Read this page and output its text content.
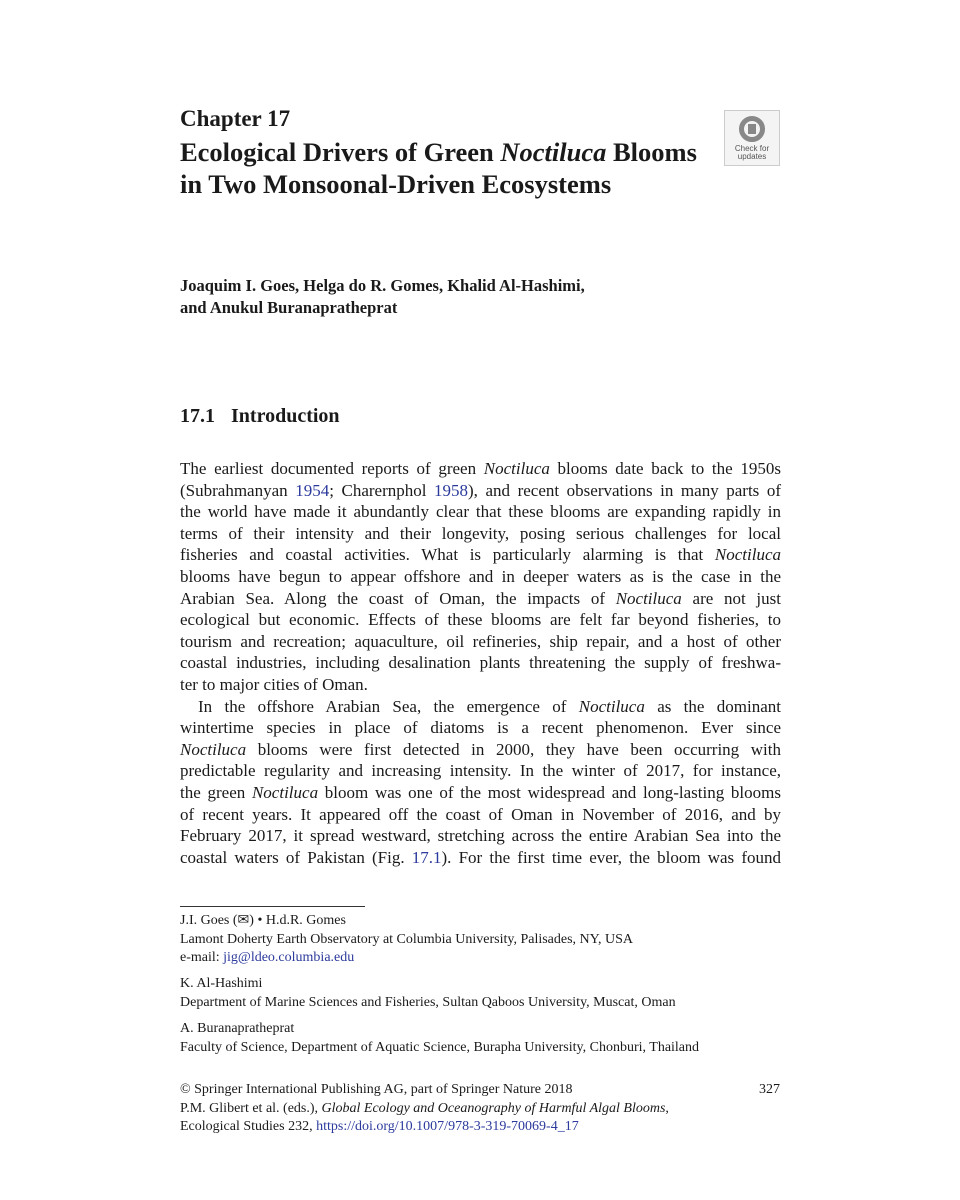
Chapter 17
Ecological Drivers of Green Noctiluca Blooms in Two Monsoonal-Driven Ecosystems
Check for
updates
Joaquim I. Goes, Helga do R. Gomes, Khalid Al-Hashimi,
and Anukul Buranapratheprat
17.1 Introduction
The earliest documented reports of green Noctiluca blooms date back to the 1950s
(Subrahmanyan 1954; Charernphol 1958), and recent observations in many parts of
the world have made it abundantly clear that these blooms are expanding rapidly in
terms of their intensity and their longevity, posing serious challenges for local
fisheries and coastal activities. What is particularly alarming is that Noctiluca
blooms have begun to appear offshore and in deeper waters as is the case in the
Arabian Sea. Along the coast of Oman, the impacts of Noctiluca are not just
ecological but economic. Effects of these blooms are felt far beyond fisheries, to
tourism and recreation; aquaculture, oil refineries, ship repair, and a host of other
coastal industries, including desalination plants threatening the supply of freshwa-
ter to major cities of Oman.
In the offshore Arabian Sea, the emergence of Noctiluca as the dominant
wintertime species in place of diatoms is a recent phenomenon. Ever since
Noctiluca blooms were first detected in 2000, they have been occurring with
predictable regularity and increasing intensity. In the winter of 2017, for instance,
the green Noctiluca bloom was one of the most widespread and long-lasting blooms
of recent years. It appeared off the coast of Oman in November of 2016, and by
February 2017, it spread westward, stretching across the entire Arabian Sea into the
coastal waters of Pakistan (Fig. 17.1). For the first time ever, the bloom was found
J.I. Goes (✉) • H.d.R. Gomes
Lamont Doherty Earth Observatory at Columbia University, Palisades, NY, USA
e-mail: jig@ldeo.columbia.edu
K. Al-Hashimi
Department of Marine Sciences and Fisheries, Sultan Qaboos University, Muscat, Oman
A. Buranapratheprat
Faculty of Science, Department of Aquatic Science, Burapha University, Chonburi, Thailand
© Springer International Publishing AG, part of Springer Nature 2018	327
P.M. Glibert et al. (eds.), Global Ecology and Oceanography of Harmful Algal Blooms, Ecological Studies 232, https://doi.org/10.1007/978-3-319-70069-4_17
